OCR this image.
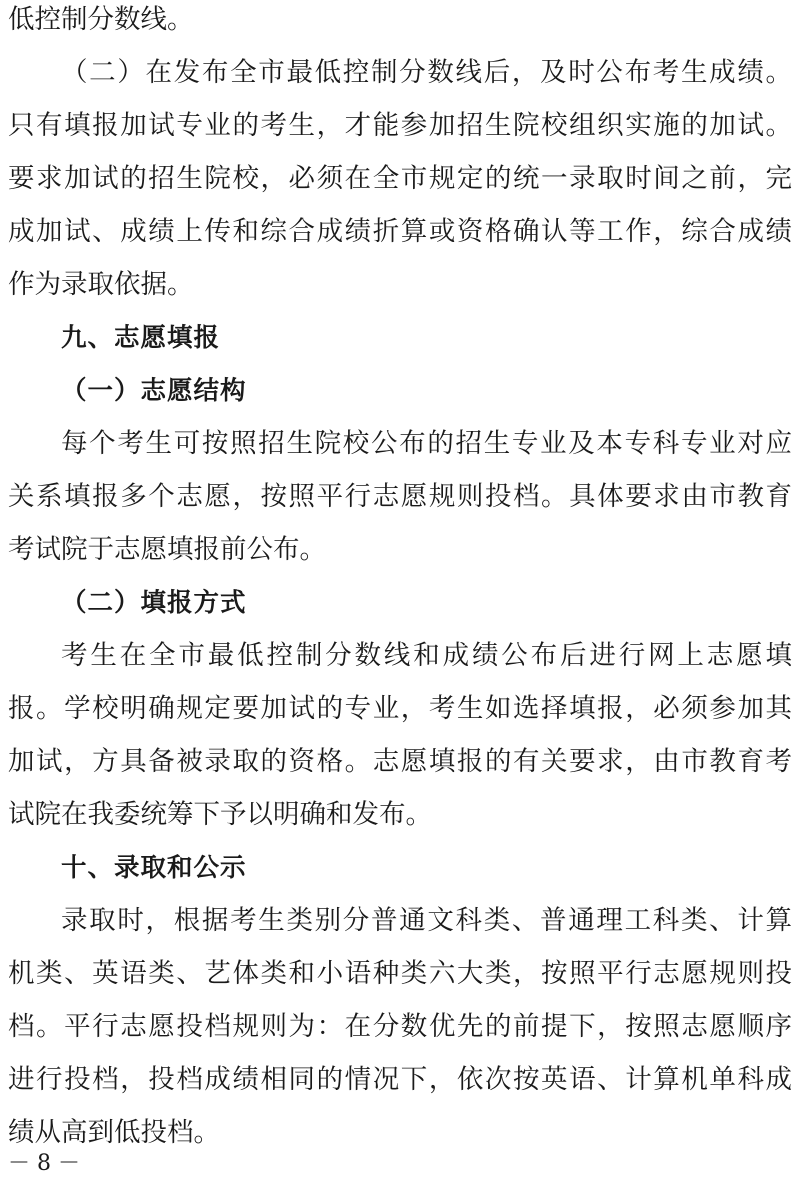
低控制分数线。
（二）在发布全市最低控制分数线后，及时公布考生成绩。
只有填报加试专业的考生，才能参加招生院校组织实施的加试。
要求加试的招生院校，必须在全市规定的统一录取时间之前，完
成加试、成绩上传和综合成绩折算或资格确认等工作，综合成绩
作为录取依据。
九、志愿填报
（一）志愿结构
每个考生可按照招生院校公布的招生专业及本专科专业对应
关系填报多个志愿，按照平行志愿规则投档。具体要求由市教育
考试院于志愿填报前公布。
（二）填报方式
考生在全市最低控制分数线和成绩公布后进行网上志愿填
报。学校明确规定要加试的专业，考生如选择填报，必须参加其
加试，方具备被录取的资格。志愿填报的有关要求，由市教育考
试院在我委统筹下予以明确和发布。
十、录取和公示
录取时，根据考生类别分普通文科类、普通理工科类、计算
机类、英语类、艺体类和小语种类六大类，按照平行志愿规则投
档。平行志愿投档规则为：在分数优先的前提下，按照志愿顺序
进行投档，投档成绩相同的情况下，依次按英语、计算机单科成
绩从高到低投档。
－ 8 －
